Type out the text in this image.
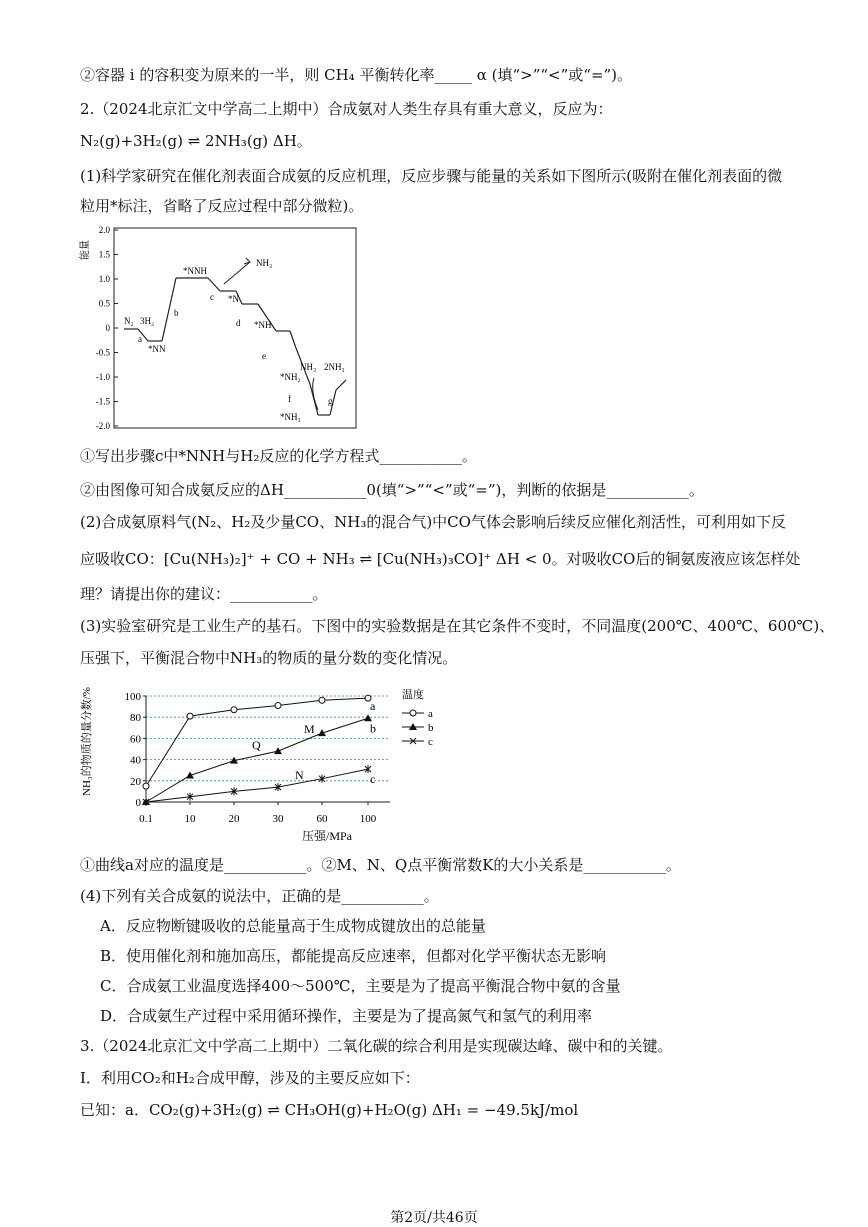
②容器 i 的容积变为原来的一半，则 CH₄ 平衡转化率_____ α (填“>”“<”或“=”)。
2.（2024北京汇文中学高二上期中）合成氨对人类生存具有重大意义，反应为：
N₂(g)+3H₂(g) ⇌ 2NH₃(g) ΔH。
(1)科学家研究在催化剂表面合成氨的反应机理，反应步骤与能量的关系如下图所示(吸附在催化剂表面的微
粒用*标注，省略了反应过程中部分微粒)。
能量
2.0
1.5
1.0
0.5
0
-0.5
-1.0
-1.5
-2.0
N₂ 3H₂
*NN
*NNH
*N
NH₃
*NH
*NH₂
*NH₃
NH₃ 2NH₃
a
b
c
d
e
f	g
①写出步骤c中*NNH与H₂反应的化学方程式___________。
②由图像可知合成氨反应的ΔH___________0(填“>”“<”或“=”)，判断的依据是___________。
(2)合成氨原料气(N₂、H₂及少量CO、NH₃的混合气)中CO气体会影响后续反应催化剂活性，可利用如下反
应吸收CO：[Cu(NH₃)₂]⁺ + CO + NH₃ ⇌ [Cu(NH₃)₃CO]⁺ ΔH < 0。对吸收CO后的铜氨废液应该怎样处
理？请提出你的建议：___________。
(3)实验室研究是工业生产的基石。下图中的实验数据是在其它条件不变时，不同温度(200℃、400℃、600℃)、
压强下，平衡混合物中NH₃的物质的量分数的变化情况。
NH₃的物质的量分数/%
0
20
40
60
80
100
0.1	10	20	30	60	100
a
b
c
压强/MPa
温度
a
b
c
M
N
Q
①曲线a对应的温度是___________。②M、N、Q点平衡常数K的大小关系是___________。
(4)下列有关合成氨的说法中，正确的是___________。
A．反应物断键吸收的总能量高于生成物成键放出的总能量
B．使用催化剂和施加高压，都能提高反应速率，但都对化学平衡状态无影响
C．合成氨工业温度选择400～500℃，主要是为了提高平衡混合物中氨的含量
D．合成氨生产过程中采用循环操作，主要是为了提高氮气和氢气的利用率
3.（2024北京汇文中学高二上期中）二氧化碳的综合利用是实现碳达峰、碳中和的关键。
I．利用CO₂和H₂合成甲醇，涉及的主要反应如下：
已知：a．CO₂(g)+3H₂(g) ⇌ CH₃OH(g)+H₂O(g) ΔH₁ = −49.5kJ/mol
第2页/共46页
